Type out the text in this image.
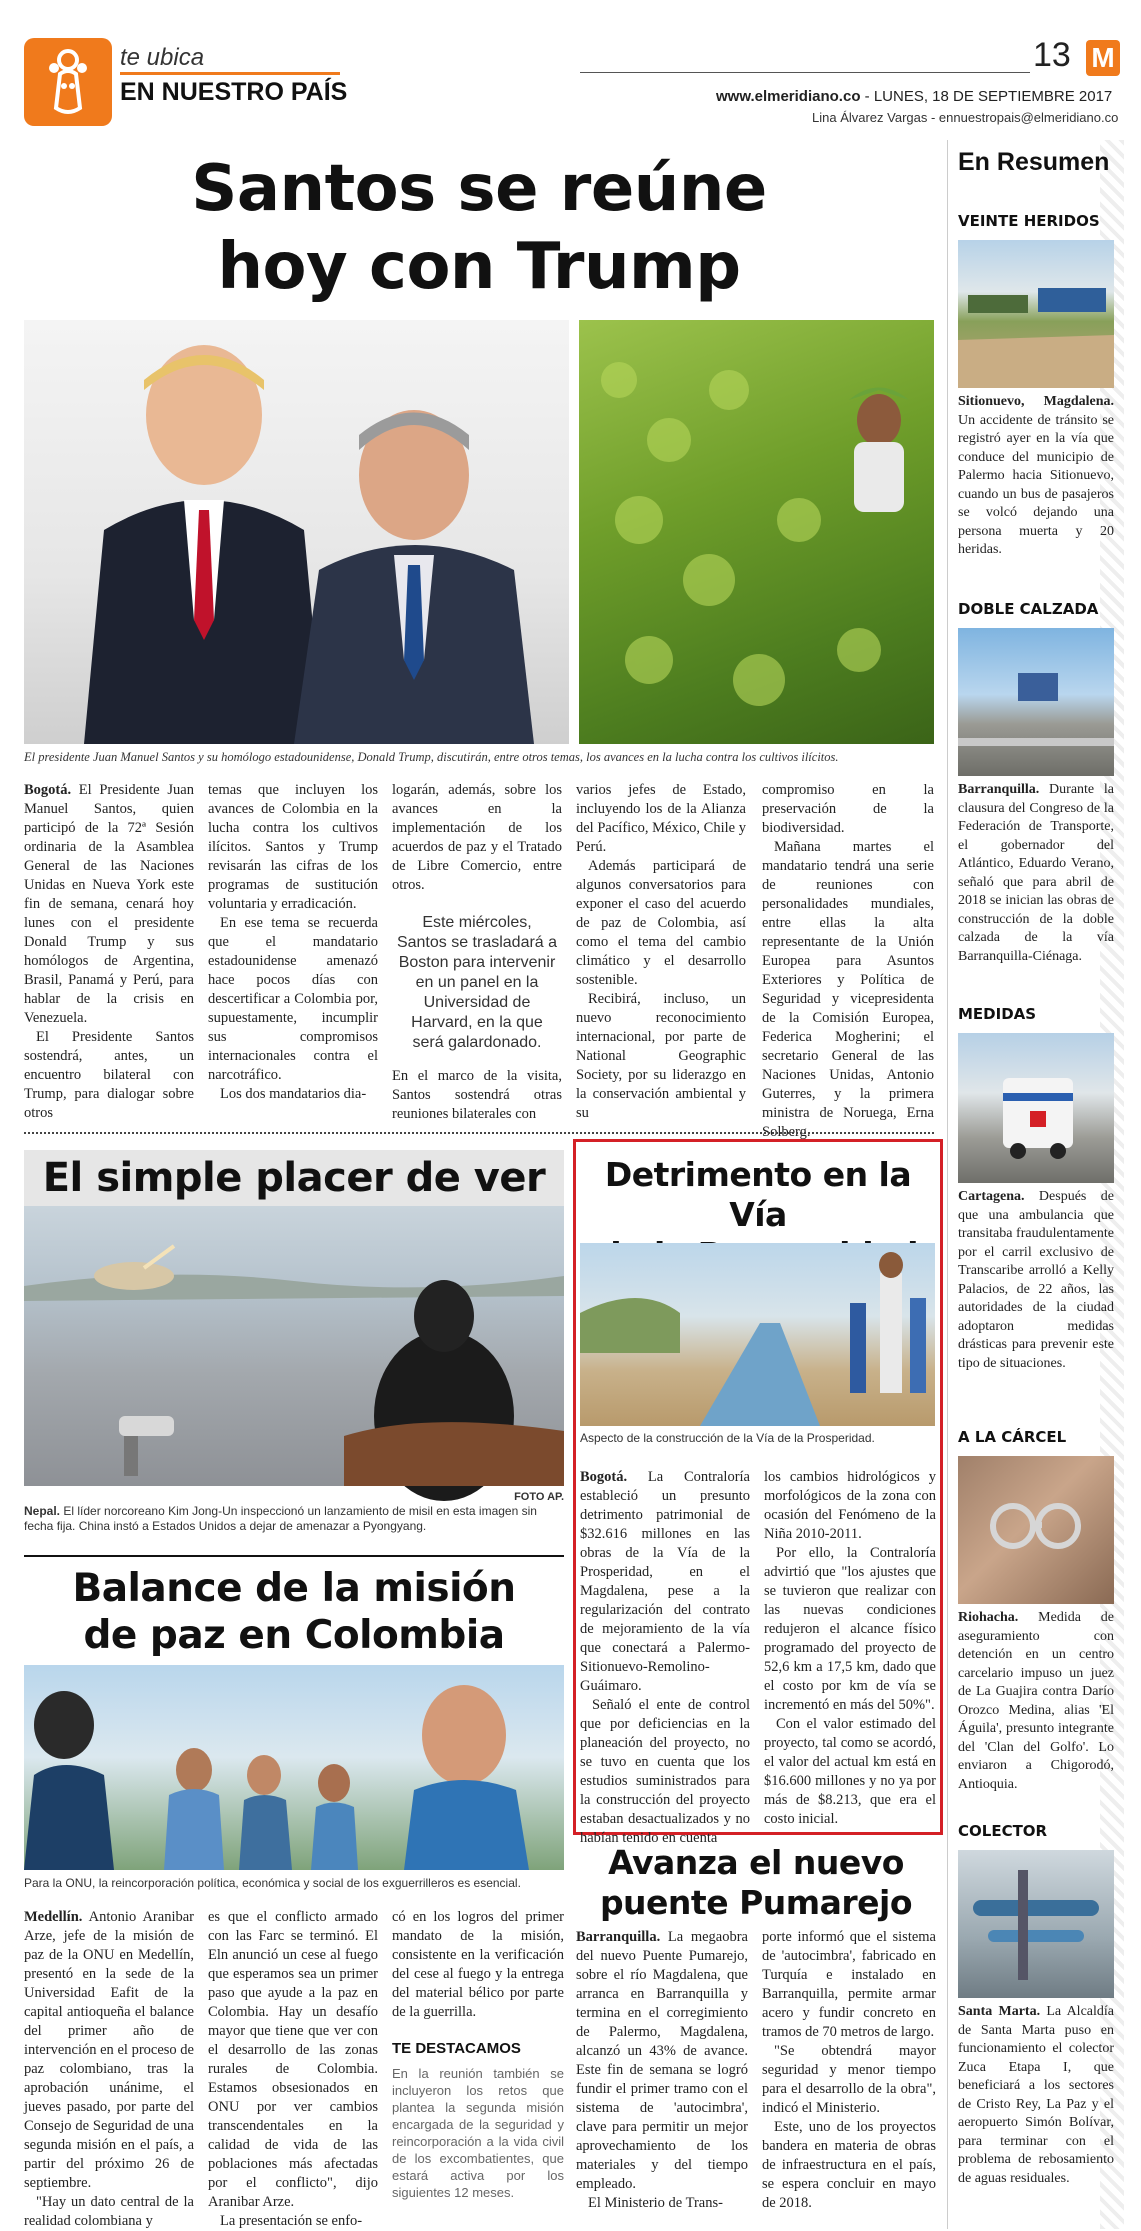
te ubica
EN NUESTRO PAÍS
13 M
www.elmeridiano.co - LUNES, 18 DE SEPTIEMBRE 2017
Lina Álvarez Vargas - ennuestropais@elmeridiano.co
Santos se reúne
hoy con Trump
El presidente Juan Manuel Santos y su homólogo estadounidense, Donald Trump, discutirán, entre otros temas, los avances en la lucha contra los cultivos ilícitos.

Bogotá. El Presidente Juan Manuel Santos, quien participó de la 72ª Sesión ordinaria de la Asamblea General de las Naciones Unidas en Nueva York este fin de semana, cenará hoy lunes con el presidente Donald Trump y sus homólogos de Argentina, Brasil, Panamá y Perú, para hablar de la crisis en Venezuela.

El Presidente Santos sostendrá, antes, un encuentro bilateral con Trump, para dialogar sobre otros

temas que incluyen los avances de Colombia en la lucha contra los cultivos ilícitos. Santos y Trump revisarán las cifras de los programas de sustitución voluntaria y erradicación.

En ese tema se recuerda que el mandatario estadounidense amenazó hace pocos días con descertificar a Colombia por, supuestamente, incumplir sus compromisos internacionales contra el narcotráfico.

Los dos mandatarios dia-

logarán, además, sobre los avances en la implementación de los acuerdos de paz y el Tratado de Libre Comercio, entre otros.

Este miércoles, Santos se trasladará a Boston para intervenir en un panel en la Universidad de Harvard, en la que será galardonado.

En el marco de la visita, Santos sostendrá otras reuniones bilaterales con

varios jefes de Estado, incluyendo los de la Alianza del Pacífico, México, Chile y Perú.

Además participará de algunos conversatorios para exponer el caso del acuerdo de paz de Colombia, así como el tema del cambio climático y el desarrollo sostenible.

Recibirá, incluso, un nuevo reconocimiento internacional, por parte de National Geographic Society, por su liderazgo en la conservación ambiental y su

compromiso en la preservación de la biodiversidad.

Mañana martes el mandatario tendrá una serie de reuniones con personalidades mundiales, entre ellas la alta representante de la Unión Europea para Asuntos Exteriores y Política de Seguridad y vicepresidenta de la Comisión Europea, Federica Mogherini; el secretario General de las Naciones Unidas, Antonio Guterres, y la primera ministra de Noruega, Erna Solberg.

El simple placer de ver
FOTO AP.
Nepal. El líder norcoreano Kim Jong-Un inspeccionó un lanzamiento de misil en esta imagen sin fecha fija. China instó a Estados Unidos a dejar de amenazar a Pyongyang.
Balance de la misión
de paz en Colombia
Para la ONU, la reincorporación política, económica y social de los exguerrilleros es esencial.

Medellín. Antonio Aranibar Arze, jefe de la misión de paz de la ONU en Medellín, presentó en la sede de la Universidad Eafit de la capital antioqueña el balance del primer año de intervención en el proceso de paz colombiano, tras la aprobación unánime, el jueves pasado, por parte del Consejo de Seguridad de una segunda misión en el país, a partir del próximo 26 de septiembre.

"Hay un dato central de la realidad colombiana y

es que el conflicto armado con las Farc se terminó. El Eln anunció un cese al fuego que esperamos sea un primer paso que ayude a la paz en Colombia. Hay un desafío mayor que tiene que ver con el desarrollo de las zonas rurales de Colombia. Estamos obsesionados en ONU por ver cambios transcendentales en la calidad de vida de las poblaciones más afectadas por el conflicto", dijo Aranibar Arze.

La presentación se enfo-

có en los logros del primer mandato de la misión, consistente en la verificación del cese al fuego y la entrega del material bélico por parte de la guerrilla.

TE DESTACAMOS
En la reunión también se incluyeron los retos que plantea la segunda misión encargada de la seguridad y reincorporación a la vida civil de los excombatientes, que estará activa por los siguientes 12 meses.
Detrimento en la Vía
Aspecto de la construcción de la Vía de la Prosperidad.

Bogotá. La Contraloría estableció un presunto detrimento patrimonial de $32.616 millones en las obras de la Vía de la Prosperidad, en el Magdalena, pese a la regularización del contrato de mejoramiento de la vía que conectará a Palermo-Sitionuevo-Remolino-Guáimaro.

Señaló el ente de control que por deficiencias en la planeación del proyecto, no se tuvo en cuenta que los estudios suministrados para la construcción del proyecto estaban desactualizados y no habían tenido en cuenta

los cambios hidrológicos y morfológicos de la zona con ocasión del Fenómeno de la Niña 2010-2011.

Por ello, la Contraloría advirtió que "los ajustes que se tuvieron que realizar con las nuevas condiciones redujeron el alcance físico programado del proyecto de 52,6 km a 17,5 km, dado que el costo por km de vía se incrementó en más del 50%".

Con el valor estimado del proyecto, tal como se acordó, el valor del actual km está en $16.600 millones y no ya por más de $8.213, que era el costo inicial.

Avanza el nuevo
puente Pumarejo

Barranquilla. La megaobra del nuevo Puente Pumarejo, sobre el río Magdalena, que arranca en Barranquilla y termina en el corregimiento de Palermo, Magdalena, alcanzó un 43% de avance. Este fin de semana se logró fundir el primer tramo con el sistema de 'autocimbra', clave para permitir un mejor aprovechamiento de los materiales y del tiempo empleado.

El Ministerio de Trans-

porte informó que el sistema de 'autocimbra', fabricado en Turquía e instalado en Barranquilla, permite armar acero y fundir concreto en tramos de 70 metros de largo.

"Se obtendrá mayor seguridad y menor tiempo para el desarrollo de la obra", indicó el Ministerio.

Este, uno de los proyectos bandera en materia de obras de infraestructura en el país, se espera concluir en mayo de 2018.

En Resumen
VEINTE HERIDOS
Sitionuevo, Magdalena. Un accidente de tránsito se registró ayer en la vía que conduce del municipio de Palermo hacia Sitionuevo, cuando un bus de pasajeros se volcó dejando una persona muerta y 20 heridas.
DOBLE CALZADA
Barranquilla. Durante la clausura del Congreso de la Federación de Transporte, el gobernador del Atlántico, Eduardo Verano, señaló que para abril de 2018 se inician las obras de construcción de la doble calzada de la vía Barranquilla-Ciénaga.
MEDIDAS
Cartagena. Después de que una ambulancia que transitaba fraudulentamente por el carril exclusivo de Transcaribe arrolló a Kelly Palacios, de 22 años, las autoridades de la ciudad adoptaron medidas drásticas para prevenir este tipo de situaciones.
A LA CÁRCEL
Riohacha. Medida de aseguramiento con detención en un centro carcelario impuso un juez de La Guajira contra Darío Orozco Medina, alias 'El Águila', presunto integrante del 'Clan del Golfo'. Lo enviaron a Chigorodó, Antioquia.
COLECTOR
Santa Marta. La Alcaldía de Santa Marta puso en funcionamiento el colector Zuca Etapa I, que beneficiará a los sectores de Cristo Rey, La Paz y el aeropuerto Simón Bolívar, para terminar con el problema de rebosamiento de aguas residuales.
